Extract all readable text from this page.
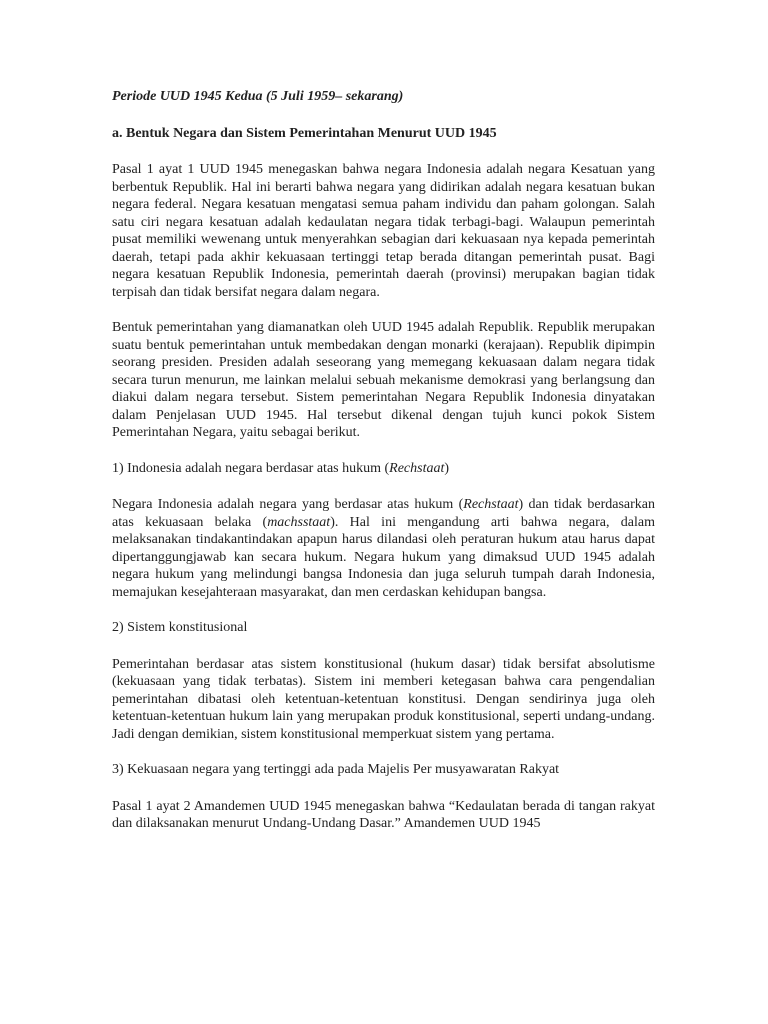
Periode UUD 1945 Kedua (5 Juli 1959– sekarang)
a. Bentuk Negara dan Sistem Pemerintahan Menurut UUD 1945

Pasal 1 ayat 1 UUD 1945 menegaskan bahwa negara Indonesia adalah negara Kesatuan yang berbentuk Republik. Hal ini berarti bahwa negara yang didirikan adalah negara kesatuan bukan negara federal. Negara kesatuan mengatasi semua paham individu dan paham golongan. Salah satu ciri negara kesatuan adalah kedaulatan negara tidak terbagi-bagi. Walaupun pemerintah pusat memiliki wewenang untuk menyerahkan sebagian dari kekuasaan nya kepada pemerintah daerah, tetapi pada akhir kekuasaan tertinggi tetap berada ditangan pemerintah pusat. Bagi negara kesatuan Republik Indonesia, pemerintah daerah (provinsi) merupakan bagian tidak terpisah dan tidak bersifat negara dalam negara.

Bentuk pemerintahan yang diamanatkan oleh UUD 1945 adalah Republik. Republik merupakan suatu bentuk pemerintahan untuk membedakan dengan monarki (kerajaan). Republik dipimpin seorang presiden. Presiden adalah seseorang yang memegang kekuasaan dalam negara tidak secara turun menurun, me lainkan melalui sebuah mekanisme demokrasi yang berlangsung dan diakui dalam negara tersebut. Sistem pemerintahan Negara Republik Indonesia dinyatakan dalam Penjelasan UUD 1945. Hal tersebut dikenal dengan tujuh kunci pokok Sistem Pemerintahan Negara, yaitu sebagai berikut.

1) Indonesia adalah negara berdasar atas hukum (Rechstaat)

Negara Indonesia adalah negara yang berdasar atas hukum (Rechstaat) dan tidak berdasarkan atas kekuasaan belaka (machsstaat). Hal ini mengandung arti bahwa negara, dalam melaksanakan tindakantindakan apapun harus dilandasi oleh peraturan hukum atau harus dapat dipertanggungjawab kan secara hukum. Negara hukum yang dimaksud UUD 1945 adalah negara hukum yang melindungi bangsa Indonesia dan juga seluruh tumpah darah Indonesia, memajukan kesejahteraan masyarakat, dan men cerdaskan kehidupan bangsa.

2) Sistem konstitusional

Pemerintahan berdasar atas sistem konstitusional (hukum dasar) tidak bersifat absolutisme (kekuasaan yang tidak terbatas). Sistem ini memberi ketegasan bahwa cara pengendalian pemerintahan dibatasi oleh ketentuan-ketentuan konstitusi. Dengan sendirinya juga oleh ketentuan-ketentuan hukum lain yang merupakan produk konstitusional, seperti undang-undang. Jadi dengan demikian, sistem konstitusional memperkuat sistem yang pertama.

3) Kekuasaan negara yang tertinggi ada pada Majelis Per musyawaratan Rakyat

Pasal 1 ayat 2 Amandemen UUD 1945 menegaskan bahwa “Kedaulatan berada di tangan rakyat dan dilaksanakan menurut Undang-Undang Dasar.” Amandemen UUD 1945
